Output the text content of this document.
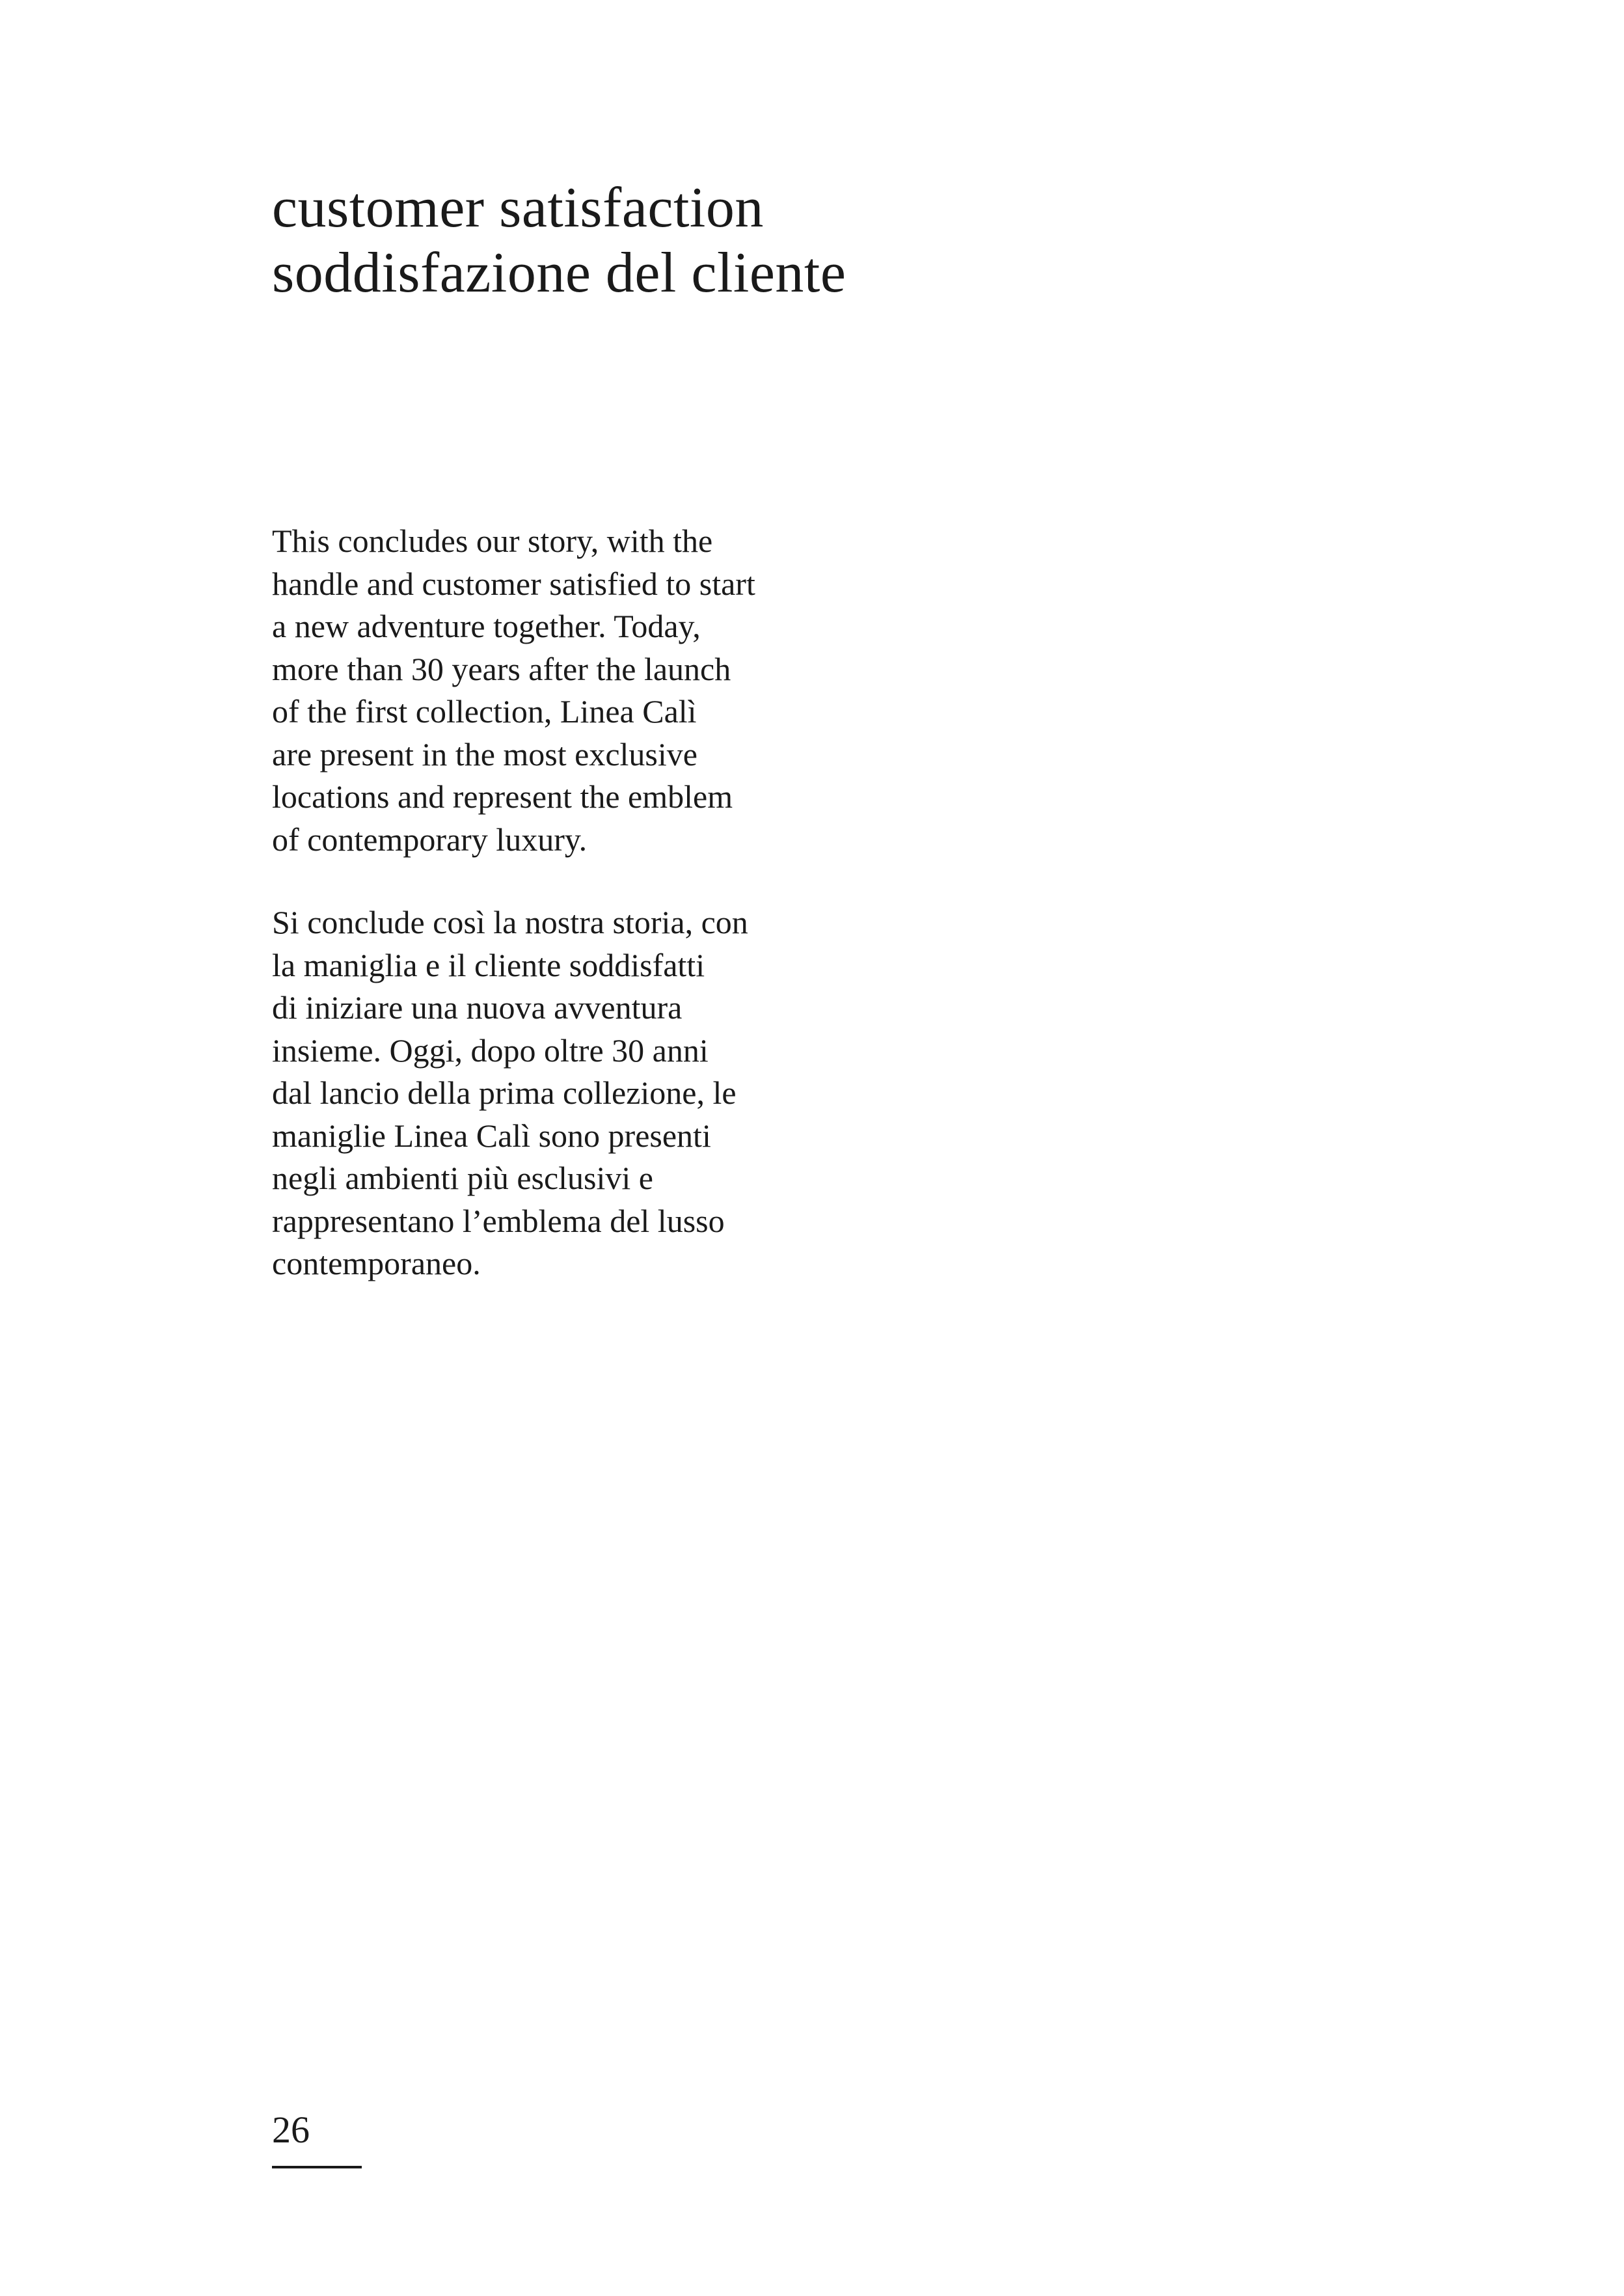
customer satisfaction
soddisfazione del cliente
This concludes our story, with the
handle and customer satisfied to start
a new adventure together. Today,
more than 30 years after the launch
of the first collection, Linea Calì
are present in the most exclusive
locations and represent the emblem
of contemporary luxury.
Si conclude così la nostra storia, con
la maniglia e il cliente soddisfatti
di iniziare una nuova avventura
insieme. Oggi, dopo oltre 30 anni
dal lancio della prima collezione, le
maniglie Linea Calì sono presenti
negli ambienti più esclusivi e
rappresentano l’emblema del lusso
contemporaneo.
26
